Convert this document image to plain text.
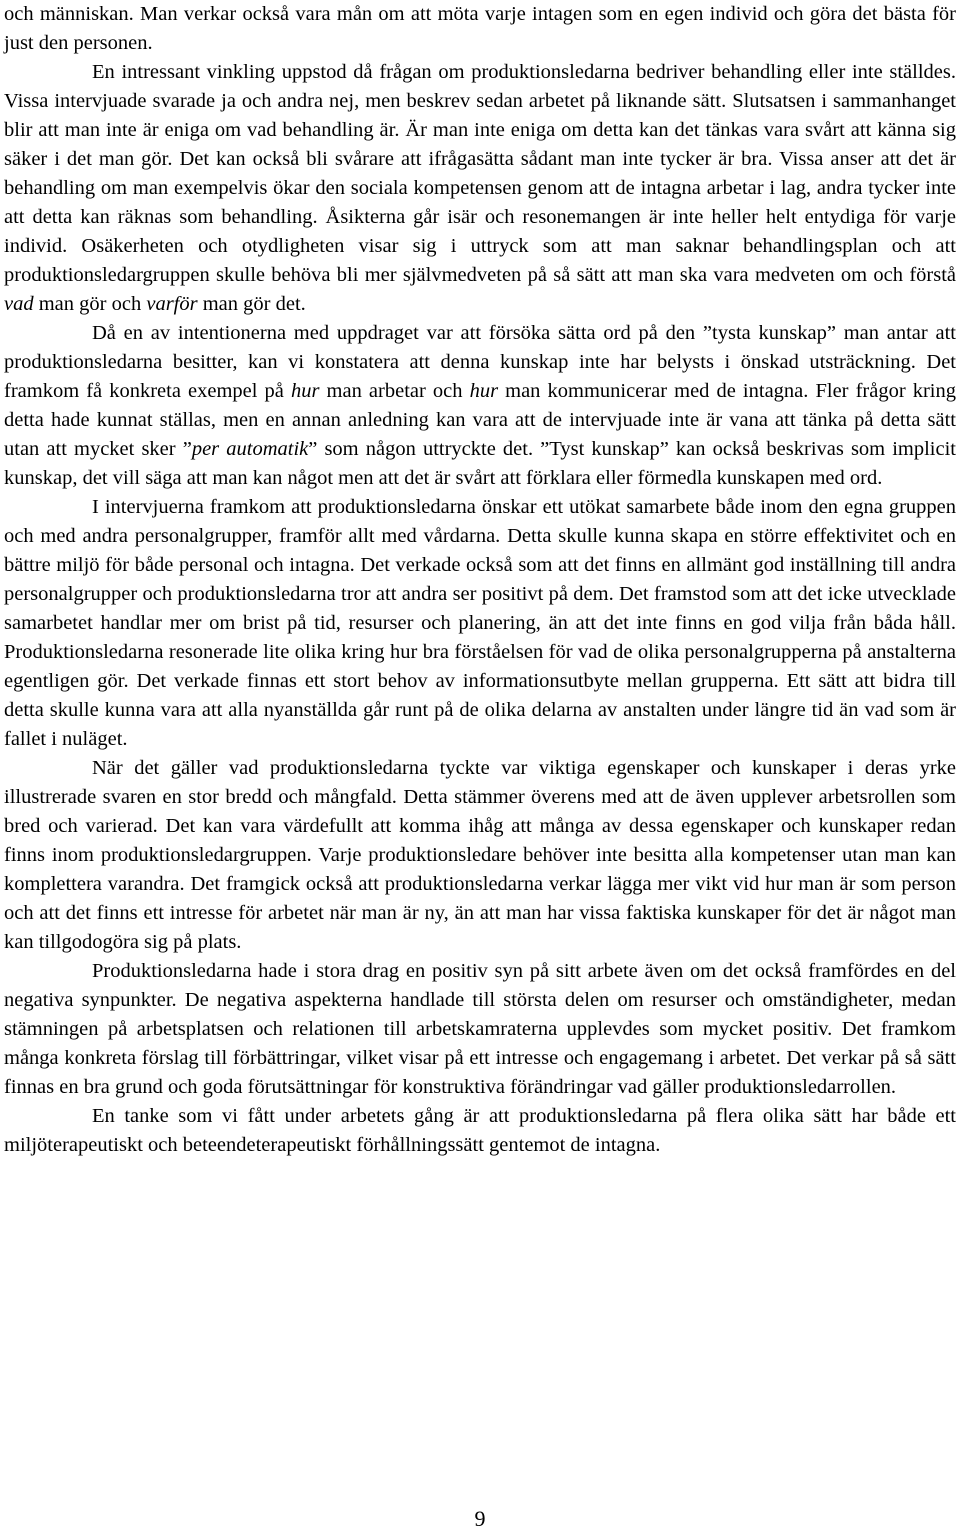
och människan. Man verkar också vara mån om att möta varje intagen som en egen individ och göra det bästa för just den personen.

En intressant vinkling uppstod då frågan om produktionsledarna bedriver behandling eller inte ställdes. Vissa intervjuade svarade ja och andra nej, men beskrev sedan arbetet på liknande sätt. Slutsatsen i sammanhanget blir att man inte är eniga om vad behandling är. Är man inte eniga om detta kan det tänkas vara svårt att känna sig säker i det man gör. Det kan också bli svårare att ifrågasätta sådant man inte tycker är bra. Vissa anser att det är behandling om man exempelvis ökar den sociala kompetensen genom att de intagna arbetar i lag, andra tycker inte att detta kan räknas som behandling. Åsikterna går isär och resonemangen är inte heller helt entydiga för varje individ. Osäkerheten och otydligheten visar sig i uttryck som att man saknar behandlingsplan och att produktionsledargruppen skulle behöva bli mer självmedveten på så sätt att man ska vara medveten om och förstå vad man gör och varför man gör det.

Då en av intentionerna med uppdraget var att försöka sätta ord på den ”tysta kunskap” man antar att produktionsledarna besitter, kan vi konstatera att denna kunskap inte har belysts i önskad utsträckning. Det framkom få konkreta exempel på hur man arbetar och hur man kommunicerar med de intagna. Fler frågor kring detta hade kunnat ställas, men en annan anledning kan vara att de intervjuade inte är vana att tänka på detta sätt utan att mycket sker ”per automatik” som någon uttryckte det. ”Tyst kunskap” kan också beskrivas som implicit kunskap, det vill säga att man kan något men att det är svårt att förklara eller förmedla kunskapen med ord.

I intervjuerna framkom att produktionsledarna önskar ett utökat samarbete både inom den egna gruppen och med andra personalgrupper, framför allt med vårdarna. Detta skulle kunna skapa en större effektivitet och en bättre miljö för både personal och intagna. Det verkade också som att det finns en allmänt god inställning till andra personalgrupper och produktionsledarna tror att andra ser positivt på dem. Det framstod som att det icke utvecklade samarbetet handlar mer om brist på tid, resurser och planering, än att det inte finns en god vilja från båda håll. Produktionsledarna resonerade lite olika kring hur bra förståelsen för vad de olika personalgrupperna på anstalterna egentligen gör. Det verkade finnas ett stort behov av informationsutbyte mellan grupperna. Ett sätt att bidra till detta skulle kunna vara att alla nyanställda går runt på de olika delarna av anstalten under längre tid än vad som är fallet i nuläget.

När det gäller vad produktionsledarna tyckte var viktiga egenskaper och kunskaper i deras yrke illustrerade svaren en stor bredd och mångfald. Detta stämmer överens med att de även upplever arbetsrollen som bred och varierad. Det kan vara värdefullt att komma ihåg att många av dessa egenskaper och kunskaper redan finns inom produktionsledargruppen. Varje produktionsledare behöver inte besitta alla kompetenser utan man kan komplettera varandra. Det framgick också att produktionsledarna verkar lägga mer vikt vid hur man är som person och att det finns ett intresse för arbetet när man är ny, än att man har vissa faktiska kunskaper för det är något man kan tillgodogöra sig på plats.

Produktionsledarna hade i stora drag en positiv syn på sitt arbete även om det också framfördes en del negativa synpunkter. De negativa aspekterna handlade till största delen om resurser och omständigheter, medan stämningen på arbetsplatsen och relationen till arbetskamraterna upplevdes som mycket positiv. Det framkom många konkreta förslag till förbättringar, vilket visar på ett intresse och engagemang i arbetet. Det verkar på så sätt finnas en bra grund och goda förutsättningar för konstruktiva förändringar vad gäller produktionsledarrollen.

En tanke som vi fått under arbetets gång är att produktionsledarna på flera olika sätt har både ett miljöterapeutiskt och beteendeterapeutiskt förhållningssätt gentemot de intagna.

9
